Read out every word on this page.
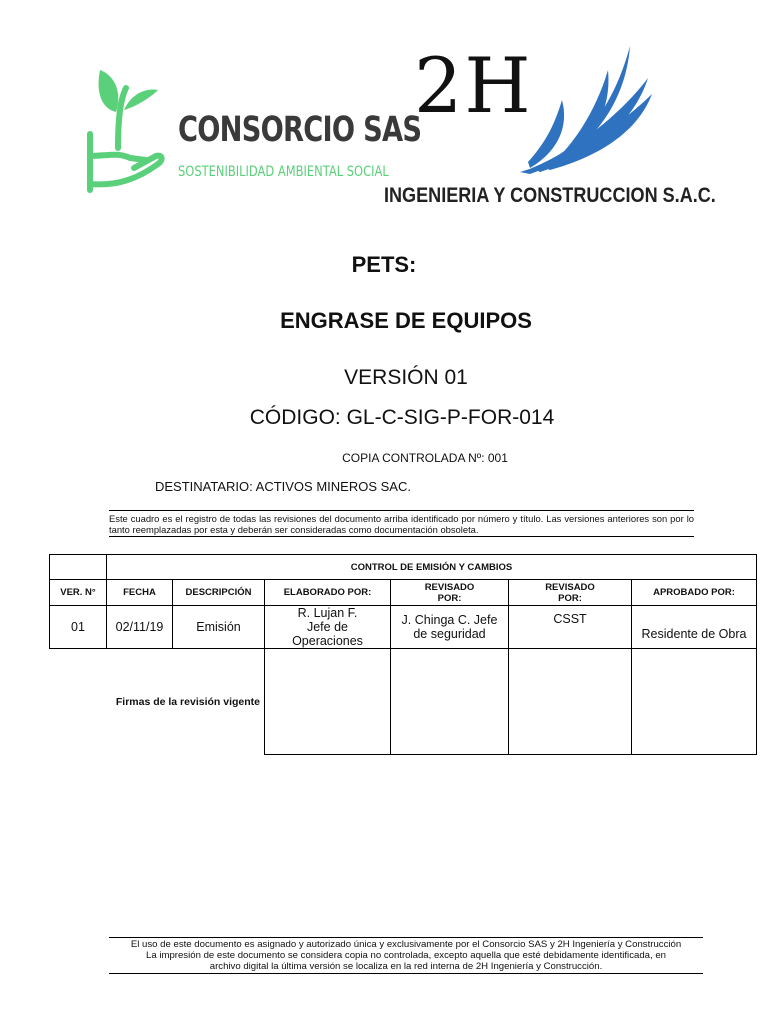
CONSORCIO SAS
SOSTENIBILIDAD AMBIENTAL SOCIAL
2H
INGENIERIA Y CONSTRUCCION S.A.C.
PETS:
ENGRASE DE EQUIPOS
VERSIÓN 01
CÓDIGO: GL-C-SIG-P-FOR-014
COPIA CONTROLADA Nº: 001
DESTINATARIO: ACTIVOS MINEROS SAC.
Este cuadro es el registro de todas las revisiones del documento arriba identificado por número y título. Las versiones anteriores son por lo tanto reemplazadas por esta y deberán ser consideradas como documentación obsoleta.
	CONTROL DE EMISIÓN Y CAMBIOS					
VER. N°	FECHA	DESCRIPCIÓN	ELABORADO POR:	REVISADO POR:	REVISADO POR:	APROBADO POR:
01	02/11/19	Emisión	R. Lujan F. Jefe de Operaciones	J. Chinga C. Jefe de seguridad	CSST	Residente de Obra
Firmas de la revisión vigente						
El uso de este documento es asignado y autorizado única y exclusivamente por el Consorcio SAS y 2H Ingeniería y Construcción
La impresión de este documento se considera copia no controlada, excepto aquella que esté debidamente identificada, en
archivo digital la última versión se localiza en la red interna de 2H Ingeniería y Construcción.
